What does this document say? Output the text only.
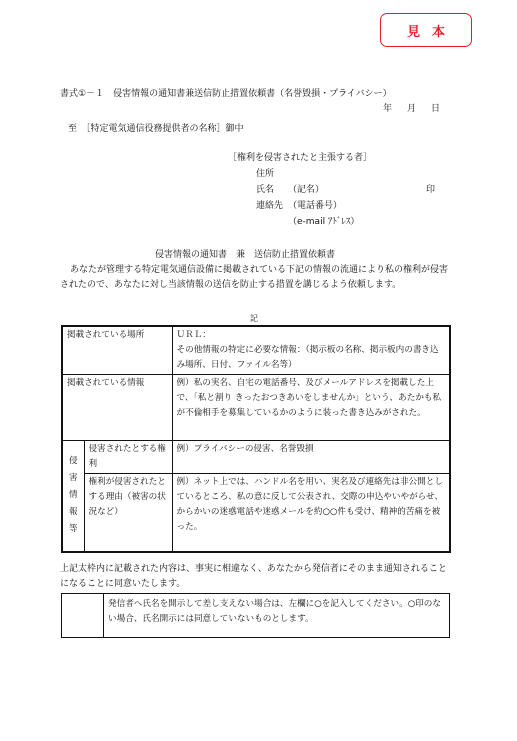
見本
書式①－１　侵害情報の通知書兼送信防止措置依頼書（名誉毀損・プライバシー）
年 月 日
至　［特定電気通信役務提供者の名称］御中
［権利を侵害されたと主張する者］
住所
氏名 （記名）	印
連絡先 （電話番号）
（e-mail ｱﾄﾞﾚｽ）
侵害情報の通知書　兼　送信防止措置依頼書

あなたが管理する特定電気通信設備に掲載されている下記の情報の流通により私の権利が侵害されたので、あなたに対し当該情報の送信を防止する措置を講じるよう依頼します。

記
掲載されている場所		ＵＲＬ：
その他情報の特定に必要な情報：（掲示板の名称、掲示板内の書き込み場所、日付、ファイル名等）

掲載されている情報		例）私の実名、自宅の電話番号、及びメールアドレスを掲載した上で、「私と割り きったおつきあいをしませんか」という、あたかも私が不倫相手を募集しているかのように装った書き込みがされた。

侵
害
情
報
等	侵害されたとする権利	例）プライバシーの侵害、名誉毀損
	権利が侵害されたとする理由（被害の状況など）	例）ネット上では、ハンドル名を用い、実名及び連絡先は非公開としているところ、私の意に反して公表され、交際の申込やいやがらせ、からかいの迷惑電話や迷惑メールを約○○件も受け、精神的苦痛を被った。

上記太枠内に記載された内容は、事実に相違なく、あなたから発信者にそのまま通知されることになることに同意いたします。

	発信者へ氏名を開示して差し支えない場合は、左欄に○を記入してください。○印のない場合、氏名開示には同意していないものとします。
